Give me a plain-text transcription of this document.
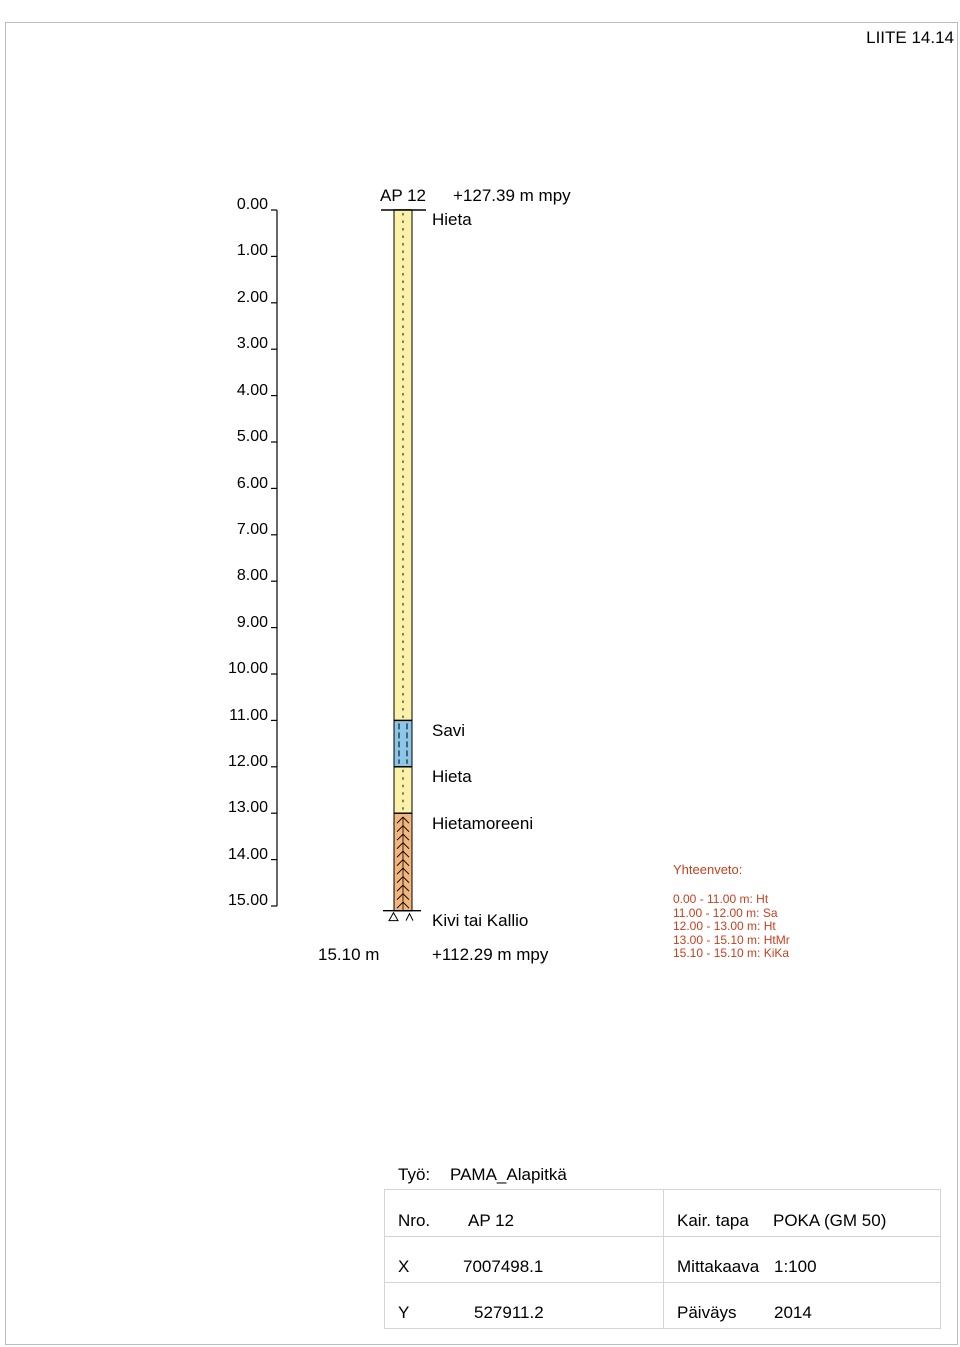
LIITE 14.14
0.00
1.00
2.00
3.00
4.00
5.00
6.00
7.00
8.00
9.00
10.00
11.00
12.00
13.00
14.00
15.00
AP 12 +127.39 m mpy
Hieta
Savi
Hieta
Hietamoreeni
Kivi tai Kallio
15.10 m	+112.29 m mpy
Yhteenveto:
0.00 - 11.00 m: Ht
11.00 - 12.00 m: Sa
12.00 - 13.00 m: Ht
13.00 - 15.10 m: HtMr
15.10 - 15.10 m: KiKa
Työ: PAMA_Alapitkä
Nro. AP 12	Kair. tapa POKA (GM 50)
X	7007498.1	Mittakaava 1:100
Y	527911.2	Päiväys 2014
